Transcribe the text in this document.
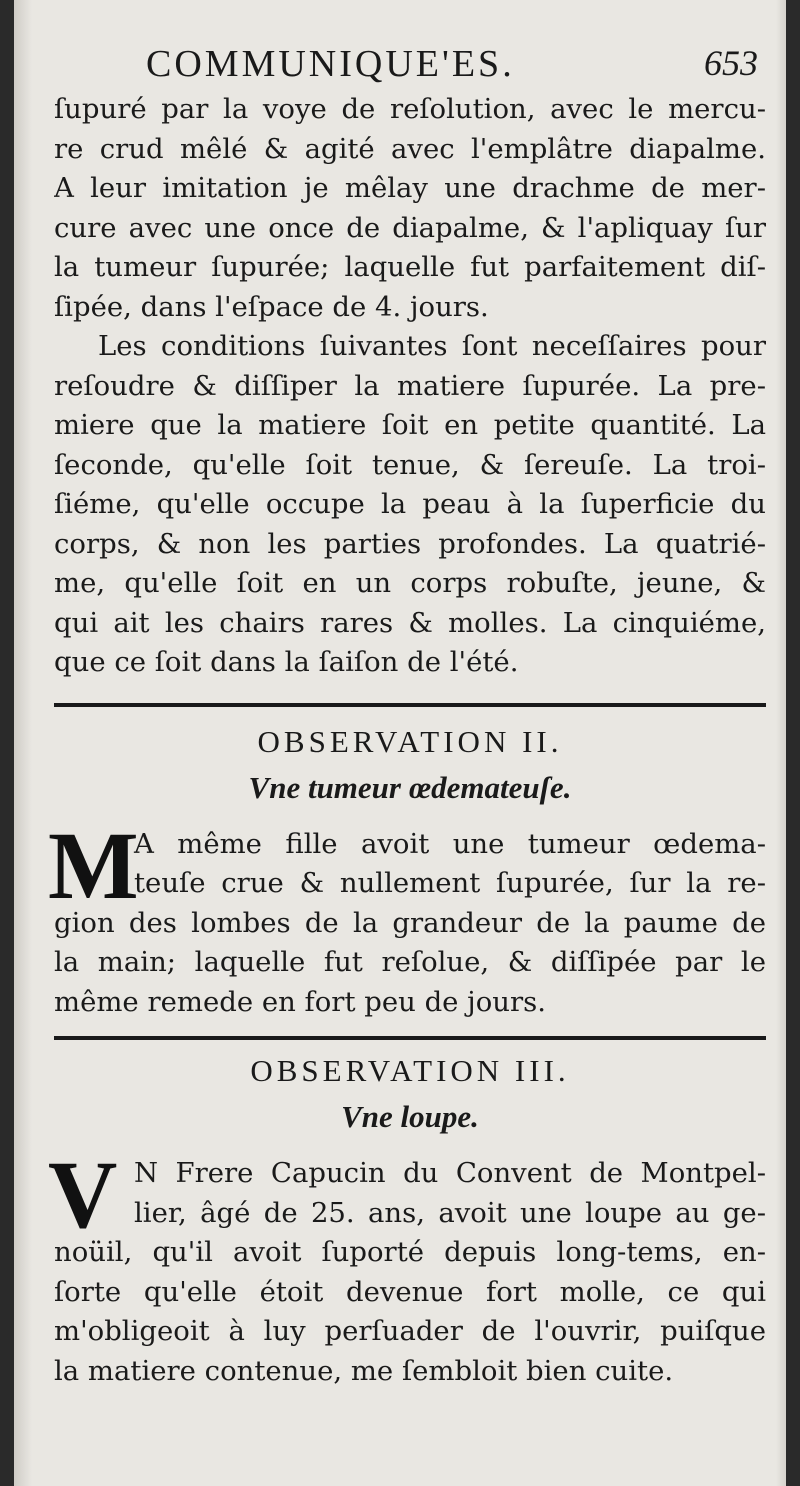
COMMUNIQUE'ES.	653
ſupuré par la voye de reſolution, avec le mercu-
re crud mêlé & agité avec l'emplâtre diapalme.
A leur imitation je mêlay une drachme de mer-
cure avec une once de diapalme, & l'apliquay ſur
la tumeur ſupurée; laquelle fut parfaitement diſ-
ſipée, dans l'eſpace de 4. jours.
Les conditions ſuivantes ſont neceſſaires pour
reſoudre & diſſiper la matiere ſupurée. La pre-
miere que la matiere ſoit en petite quantité. La
ſeconde, qu'elle ſoit tenue, & ſereuſe. La troi-
ſiéme, qu'elle occupe la peau à la ſuperficie du
corps, & non les parties profondes. La quatrié-
me, qu'elle ſoit en un corps robuſte, jeune, &
qui ait les chairs rares & molles. La cinquiéme,
que ce ſoit dans la ſaiſon de l'été.
OBSERVATION II.
Vne tumeur œdemateuſe.
M
A même fille avoit une tumeur œdema-
teuſe crue & nullement ſupurée, ſur la re-
gion des lombes de la grandeur de la paume de
la main; laquelle fut reſolue, & diſſipée par le
même remede en fort peu de jours.
OBSERVATION III.
Vne loupe.
V N Frere Capucin du Convent de Montpel-
lier, âgé de 25. ans, avoit une loupe au ge-
noüil, qu'il avoit ſuporté depuis long-tems, en-
ſorte qu'elle étoit devenue fort molle, ce qui
m'obligeoit à luy perſuader de l'ouvrir, puiſque
la matiere contenue, me ſembloit bien cuite.
